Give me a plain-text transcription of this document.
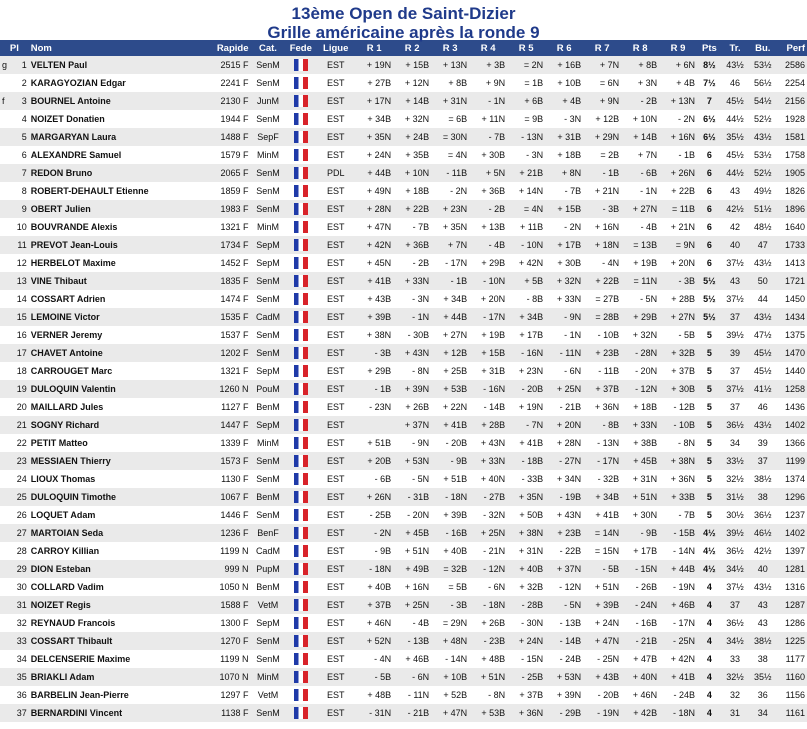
13ème Open de Saint-Dizier
Grille américaine après la ronde 9
Pl	Nom	Rapide	Cat.	Fede	Ligue	R 1	R 2	R 3	R 4	R 5	R 6	R 7	R 8	R 9	Pts	Tr.	Bu.	Perf

g 1	VELTEN Paul	2515 F	SenM		EST	+ 19N	+ 15B	+ 13N	+ 3B	= 2N	+ 16B	+ 7N	+ 8B	+ 6N	8½	43½	53½	2586

2	KARAGYOZIAN Edgar	2241 F	SenM		EST	+ 27B	+ 12N	+ 8B	+ 9N	= 1B	+ 10B	= 6N	+ 3N	+ 4B	7½	46	56½	2254

f 3	BOURNEL Antoine	2130 F	JunM		EST	+ 17N	+ 14B	+ 31N	- 1N	+ 6B	+ 4B	+ 9N	- 2B	+ 13N	7	45½	54½	2156

4	NOIZET Donatien	1944 F	SenM		EST	+ 34B	+ 32N	= 6B	+ 11N	= 9B	- 3N	+ 12B	+ 10N	- 2N	6½	44½	52½	1928

5	MARGARYAN Laura	1488 F	SepF		EST	+ 35N	+ 24B	= 30N	- 7B	- 13N	+ 31B	+ 29N	+ 14B	+ 16N	6½	35½	43½	1581

6	ALEXANDRE Samuel	1579 F	MinM		EST	+ 24N	+ 35B	= 4N	+ 30B	- 3N	+ 18B	= 2B	+ 7N	- 1B	6	45½	53½	1758

7	REDON Bruno	2065 F	SenM		PDL	+ 44B	+ 10N	- 11B	+ 5N	+ 21B	+ 8N	- 1B	- 6B	+ 26N	6	44½	52½	1905

8	ROBERT-DEHAULT Etienne	1859 F	SenM		EST	+ 49N	+ 18B	- 2N	+ 36B	+ 14N	- 7B	+ 21N	- 1N	+ 22B	6	43	49½	1826

9	OBERT Julien	1983 F	SenM		EST	+ 28N	+ 22B	+ 23N	- 2B	= 4N	+ 15B	- 3B	+ 27N	= 11B	6	42½	51½	1896

10	BOUVRANDE Alexis	1321 F	MinM		EST	+ 47N	- 7B	+ 35N	+ 13B	+ 11B	- 2N	+ 16N	- 4B	+ 21N	6	42	48½	1640

11	PREVOT Jean-Louis	1734 F	SepM		EST	+ 42N	+ 36B	+ 7N	- 4B	- 10N	+ 17B	+ 18N	= 13B	= 9N	6	40	47	1733

12	HERBELOT Maxime	1452 F	SepM		EST	+ 45N	- 2B	- 17N	+ 29B	+ 42N	+ 30B	- 4N	+ 19B	+ 20N	6	37½	43½	1413

13	VINE Thibaut	1835 F	SenM		EST	+ 41B	+ 33N	- 1B	- 10N	+ 5B	+ 32N	+ 22B	= 11N	- 3B	5½	43	50	1721

14	COSSART Adrien	1474 F	SenM		EST	+ 43B	- 3N	+ 34B	+ 20N	- 8B	+ 33N	= 27B	- 5N	+ 28B	5½	37½	44	1450

15	LEMOINE Victor	1535 F	CadM		EST	+ 39B	- 1N	+ 44B	- 17N	+ 34B	- 9N	= 28B	+ 29B	+ 27N	5½	37	43½	1434

16	VERNER Jeremy	1537 F	SenM		EST	+ 38N	- 30B	+ 27N	+ 19B	+ 17B	- 1N	- 10B	+ 32N	- 5B	5	39½	47½	1375

17	CHAVET Antoine	1202 F	SenM		EST	- 3B	+ 43N	+ 12B	+ 15B	- 16N	- 11N	+ 23B	- 28N	+ 32B	5	39	45½	1470

18	CARROUGET Marc	1321 F	SepM		EST	+ 29B	- 8N	+ 25B	+ 31B	+ 23N	- 6N	- 11B	- 20N	+ 37B	5	37	45½	1440

19	DULOQUIN Valentin	1260 N	PouM		EST	- 1B	+ 39N	+ 53B	- 16N	- 20B	+ 25N	+ 37B	- 12N	+ 30B	5	37½	41½	1258

20	MAILLARD Jules	1127 F	BenM		EST	- 23N	+ 26B	+ 22N	- 14B	+ 19N	- 21B	+ 36N	+ 18B	- 12B	5	37	46	1436

21	SOGNY Richard	1447 F	SepM		EST		+ 37N	+ 41B	+ 28B	- 7N	+ 20N	- 8B	+ 33N	- 10B	5	36½	43½	1402

22	PETIT Matteo	1339 F	MinM		EST	+ 51B	- 9N	- 20B	+ 43N	+ 41B	+ 28N	- 13N	+ 38B	- 8N	5	34	39	1366

23	MESSIAEN Thierry	1573 F	SenM		EST	+ 20B	+ 53N	- 9B	+ 33N	- 18B	- 27N	- 17N	+ 45B	+ 38N	5	33½	37	1199

24	LIOUX Thomas	1130 F	SenM		EST	- 6B	- 5N	+ 51B	+ 40N	- 33B	+ 34N	- 32B	+ 31N	+ 36N	5	32½	38½	1374

25	DULOQUIN Timothe	1067 F	BenM		EST	+ 26N	- 31B	- 18N	- 27B	+ 35N	- 19B	+ 34B	+ 51N	+ 33B	5	31½	38	1296

26	LOQUET Adam	1446 F	SenM		EST	- 25B	- 20N	+ 39B	- 32N	+ 50B	+ 43N	+ 41B	+ 30N	- 7B	5	30½	36½	1237

27	MARTOIAN Seda	1236 F	BenF		EST	- 2N	+ 45B	- 16B	+ 25N	+ 38N	+ 23B	= 14N	- 9B	- 15B	4½	39½	46½	1402

28	CARROY Killian	1199 N	CadM		EST	- 9B	+ 51N	+ 40B	- 21N	+ 31N	- 22B	= 15N	+ 17B	- 14N	4½	36½	42½	1397

29	DION Esteban	999 N	PupM		EST	- 18N	+ 49B	= 32B	- 12N	+ 40B	+ 37N	- 5B	- 15N	+ 44B	4½	34½	40	1281

30	COLLARD Vadim	1050 N	BenM		EST	+ 40B	+ 16N	= 5B	- 6N	+ 32B	- 12N	+ 51N	- 26B	- 19N	4	37½	43½	1316

31	NOIZET Regis	1588 F	VetM		EST	+ 37B	+ 25N	- 3B	- 18N	- 28B	- 5N	+ 39B	- 24N	+ 46B	4	37	43	1287

32	REYNAUD Francois	1300 F	SepM		EST	+ 46N	- 4B	= 29N	+ 26B	- 30N	- 13B	+ 24N	- 16B	- 17N	4	36½	43	1286

33	COSSART Thibault	1270 F	SenM		EST	+ 52N	- 13B	+ 48N	- 23B	+ 24N	- 14B	+ 47N	- 21B	- 25N	4	34½	38½	1225

34	DELCENSERIE Maxime	1199 N	SenM		EST	- 4N	+ 46B	- 14N	+ 48B	- 15N	- 24B	- 25N	+ 47B	+ 42N	4	33	38	1177

35	BRIAKLI Adam	1070 N	MinM		EST	- 5B	- 6N	+ 10B	+ 51N	- 25B	+ 53N	+ 43B	+ 40N	+ 41B	4	32½	35½	1160

36	BARBELIN Jean-Pierre	1297 F	VetM		EST	+ 48B	- 11N	+ 52B	- 8N	+ 37B	+ 39N	- 20B	+ 46N	- 24B	4	32	36	1156

37	BERNARDINI Vincent	1138 F	SenM		EST	- 31N	- 21B	+ 47N	+ 53B	+ 36N	- 29B	- 19N	+ 42B	- 18N	4	31	34	1161
